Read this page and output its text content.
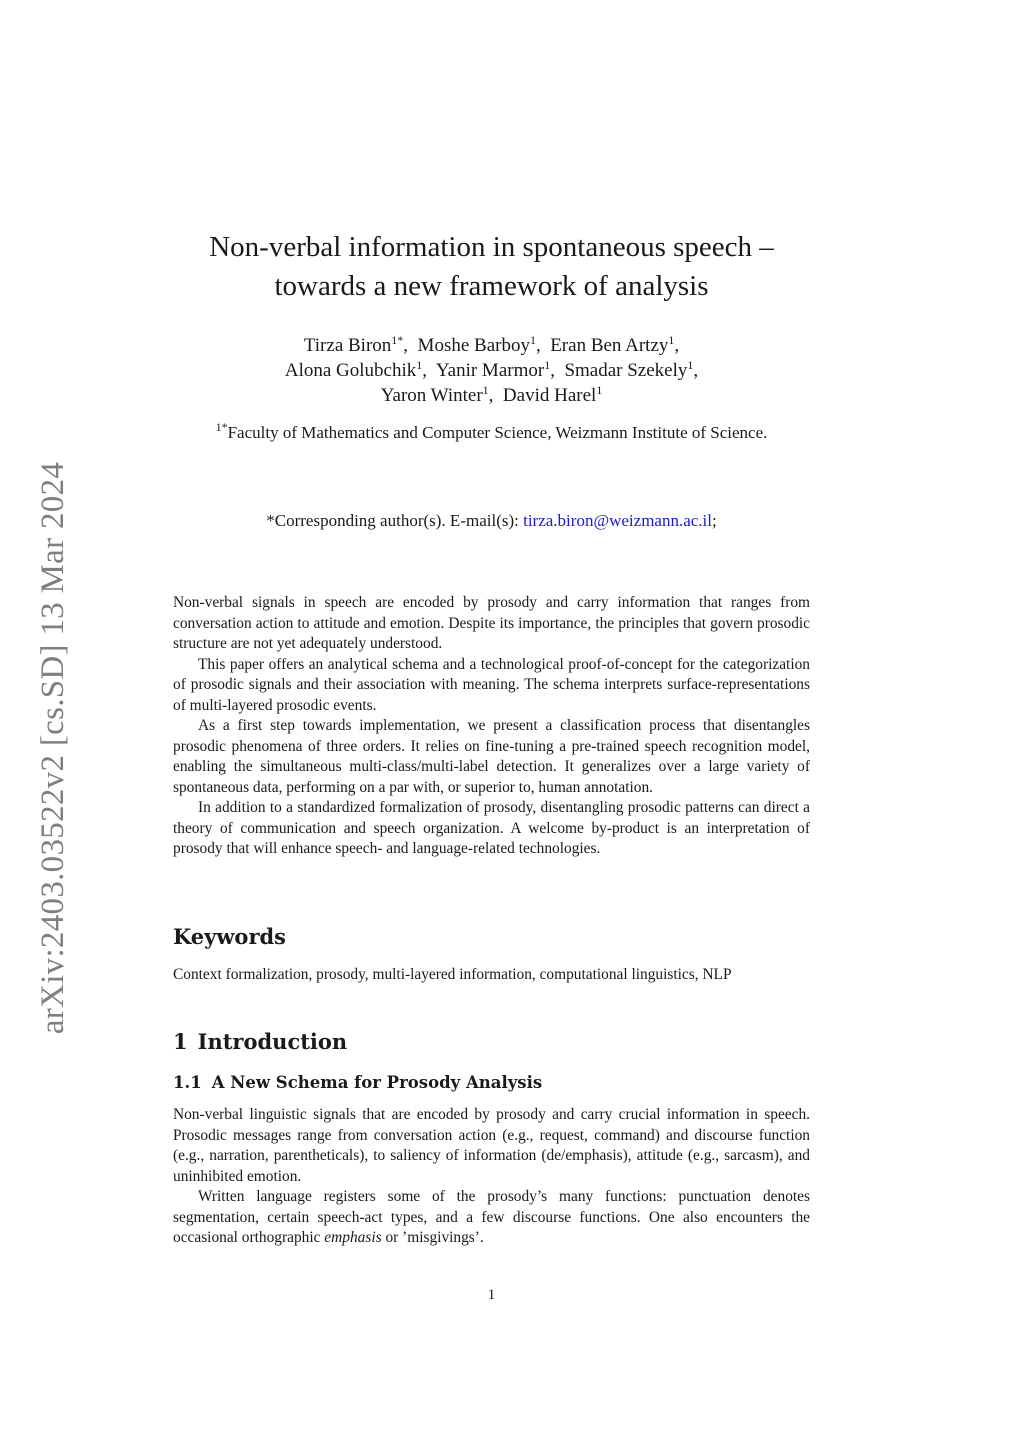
arXiv:2403.03522v2 [cs.SD] 13 Mar 2024
Non-verbal information in spontaneous speech –
towards a new framework of analysis
Tirza Biron$^{1*}$,  Moshe Barboy$^1$,  Eran Ben Artzy$^1$,
Alona Golubchik$^1$,  Yanir Marmor$^1$,  Smadar Szekely$^1$,
Yaron Winter$^1$,  David Harel$^1$
$^{1*}$Faculty of Mathematics and Computer Science, Weizmann Institute of Science.
*Corresponding author(s). E-mail(s): tirza.biron@weizmann.ac.il;

Non-verbal signals in speech are encoded by prosody and carry information that ranges from conversation action to attitude and emotion. Despite its importance, the principles that govern prosodic structure are not yet adequately understood.

This paper offers an analytical schema and a technological proof-of-concept for the categorization of prosodic signals and their association with meaning. The schema interprets surface-representations of multi-layered prosodic events.

As a first step towards implementation, we present a classification process that disentangles prosodic phenomena of three orders. It relies on fine-tuning a pre-trained speech recognition model, enabling the simultaneous multi-class/multi-label detection. It generalizes over a large variety of spontaneous data, performing on a par with, or superior to, human annotation.

In addition to a standardized formalization of prosody, disentangling prosodic patterns can direct a theory of communication and speech organization. A welcome by-product is an interpretation of prosody that will enhance speech- and language-related technologies.

Keywords

Context formalization, prosody, multi-layered information, computational linguistics, NLP

1 Introduction
1.1 A New Schema for Prosody Analysis

Non-verbal linguistic signals that are encoded by prosody and carry crucial information in speech. Prosodic messages range from conversation action (e.g., request, command) and discourse function (e.g., narration, parentheticals), to saliency of information (de/emphasis), attitude (e.g., sarcasm), and uninhibited emotion.

Written language registers some of the prosody’s many functions: punctuation denotes segmentation, certain speech-act types, and a few discourse functions. One also encounters the occasional orthographic emphasis or ’misgivings’.

1
